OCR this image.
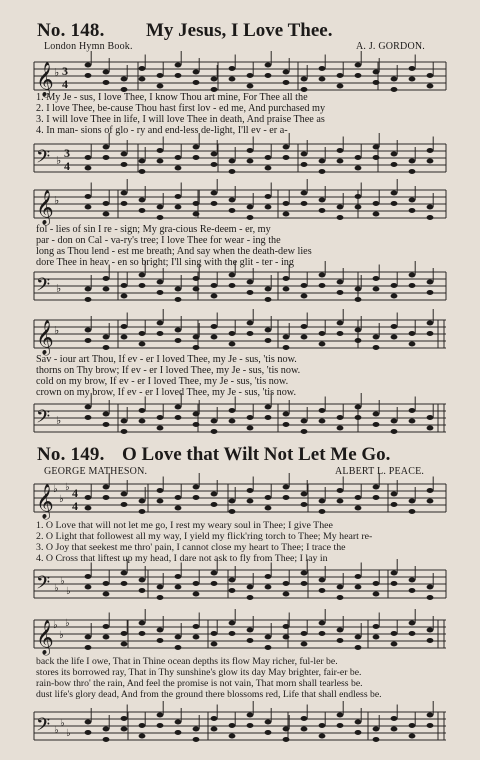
No. 148. My Jesus, I Love Thee.
London Hymn Book.	A. J. GORDON.
𝄞 ♭ 3
4
1. My Je - sus, I love Thee, I know Thou art mine, For Thee all the
2. I love Thee, be-cause Thou hast first lov - ed me, And purchased my
3. I will love Thee in life, I will love Thee in death, And praise Thee as
4. In man- sions of glo - ry and end-less de-light, I'll ev - er a-
𝄢 ♭
3
4
𝄞 ♭
fol - lies of sin I re - sign; My gra-cious Re-deem - er, my
par - don on Cal - va-ry's tree; I love Thee for wear - ing the
long as Thou lend - est me breath; And say when the death-dew lies
dore Thee in heav - en so bright; I'll sing with the glit - ter - ing
𝄢 ♭
𝄞 ♭
Sav - iour art Thou, If ev - er I loved Thee, my Je - sus, 'tis now.
thorns on Thy brow; If ev - er I loved Thee, my Je - sus, 'tis now.
cold on my brow, If ev - er I loved Thee, my Je - sus, 'tis now.
crown on my brow, If ev - er I loved Thee, my Je - sus, 'tis now.
𝄢 ♭
No. 149. O Love that Wilt Not Let Me Go.
GEORGE MATHESON.	ALBERT L. PEACE.
𝄞 ♭
♭
♭ 4
4
1. O Love that will not let me go, I rest my weary soul in Thee; I give Thee
2. O Light that followest all my way, I yield my flick'ring torch to Thee; My heart re-
3. O Joy that seekest me thro' pain, I cannot close my heart to Thee; I trace the
4. O Cross that liftest up my head, I dare not ask to fly from Thee; I lay in
𝄢 ♭
♭
♭
𝄞 ♭
♭
♭
back the life I owe, That in Thine ocean depths its flow May richer, ful-ler be.
stores its borrowed ray, That in Thy sunshine's glow its day May brighter, fair-er be.
rain-bow thro' the rain, And feel the promise is not vain, That morn shall tearless be.
dust life's glory dead, And from the ground there blossoms red, Life that shall endless be.
𝄢 ♭
♭
♭
